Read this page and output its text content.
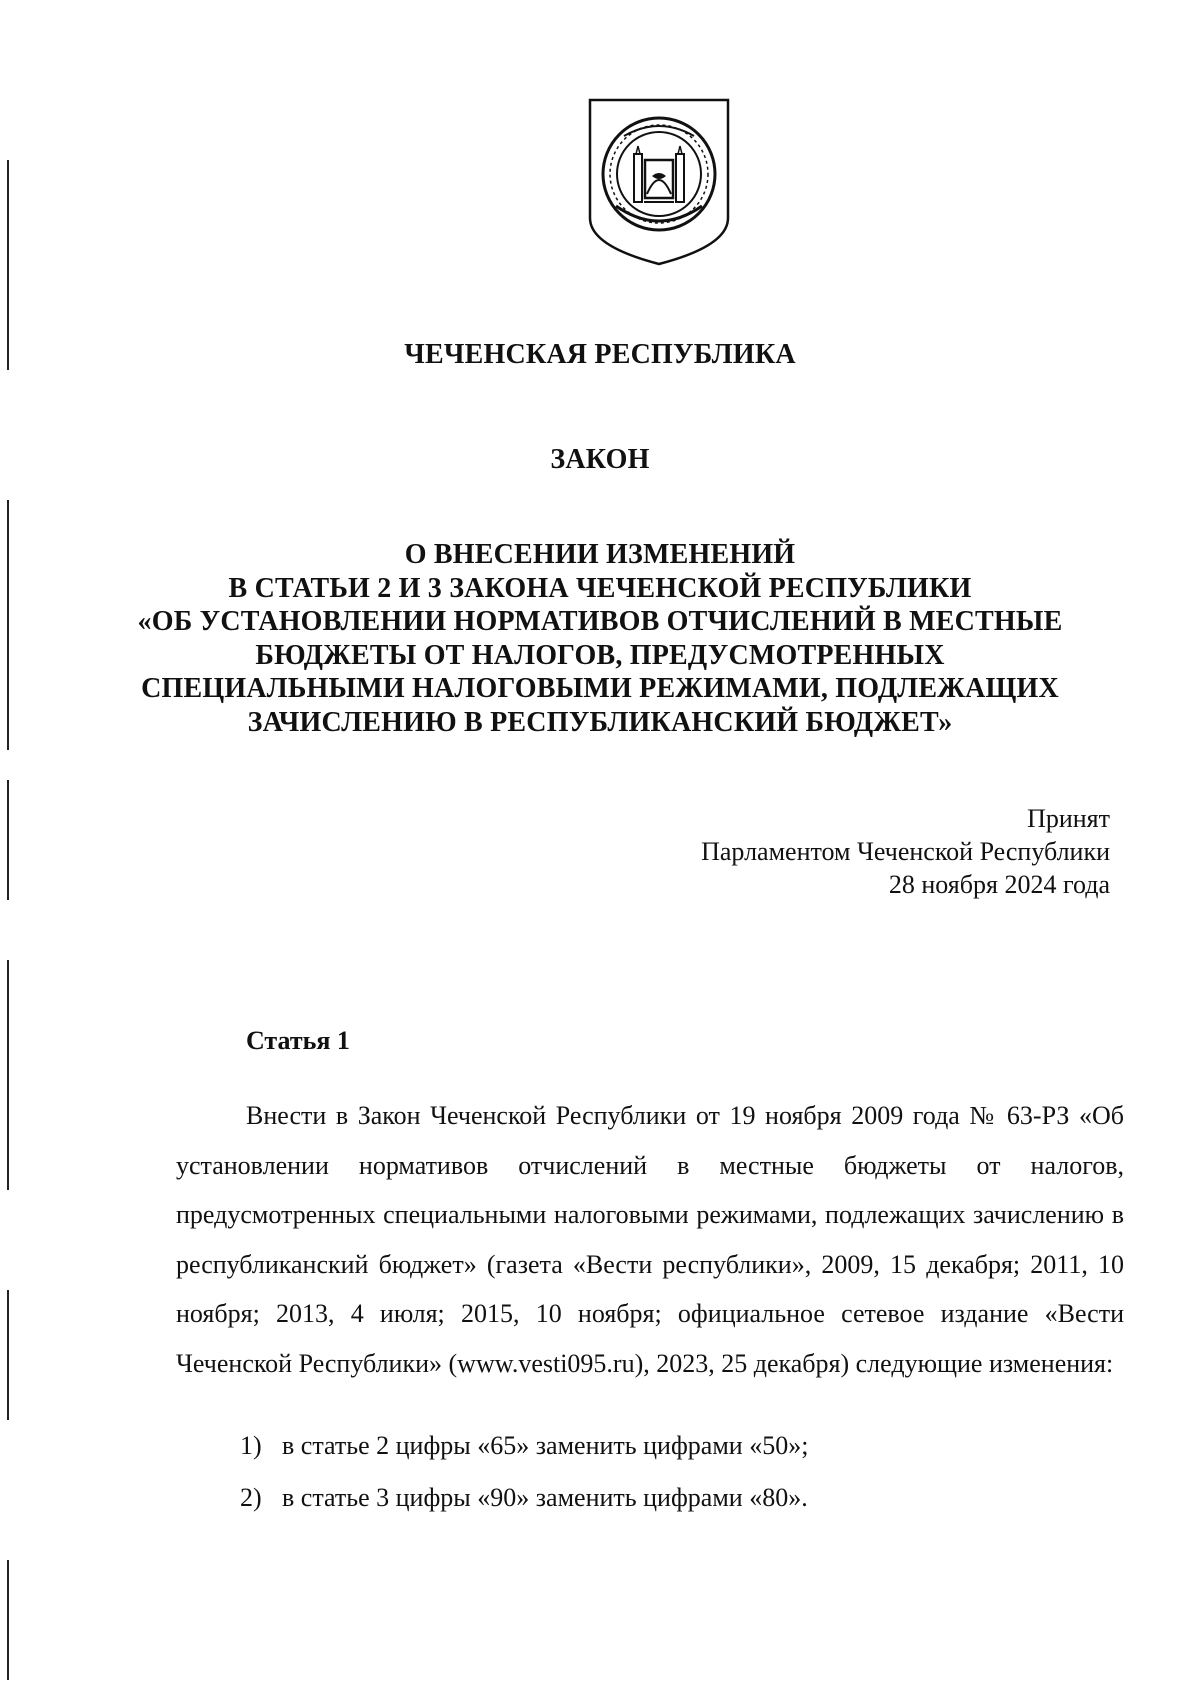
ЧЕЧЕНСКАЯ РЕСПУБЛИКА
ЗАКОН
О ВНЕСЕНИИ ИЗМЕНЕНИЙ
В СТАТЬИ 2 И 3 ЗАКОНА ЧЕЧЕНСКОЙ РЕСПУБЛИКИ
«ОБ УСТАНОВЛЕНИИ НОРМАТИВОВ ОТЧИСЛЕНИЙ В МЕСТНЫЕ
БЮДЖЕТЫ ОТ НАЛОГОВ, ПРЕДУСМОТРЕННЫХ
СПЕЦИАЛЬНЫМИ НАЛОГОВЫМИ РЕЖИМАМИ, ПОДЛЕЖАЩИХ
ЗАЧИСЛЕНИЮ В РЕСПУБЛИКАНСКИЙ БЮДЖЕТ»
Принят
Парламентом Чеченской Республики
28 ноября 2024 года
Статья 1

Внести в Закон Чеченской Республики от 19 ноября 2009 года № 63-РЗ «Об установлении нормативов отчислений в местные бюджеты от налогов, предусмотренных специальными налоговыми режимами, подлежащих зачислению в республиканский бюджет» (газета «Вести республики», 2009, 15 декабря; 2011, 10 ноября; 2013, 4 июля; 2015, 10 ноября; официальное сетевое издание «Вести Чеченской Республики» (www.vesti095.ru), 2023, 25 декабря) следующие изменения:

1) в статье 2 цифры «65» заменить цифрами «50»;
2) в статье 3 цифры «90» заменить цифрами «80».
